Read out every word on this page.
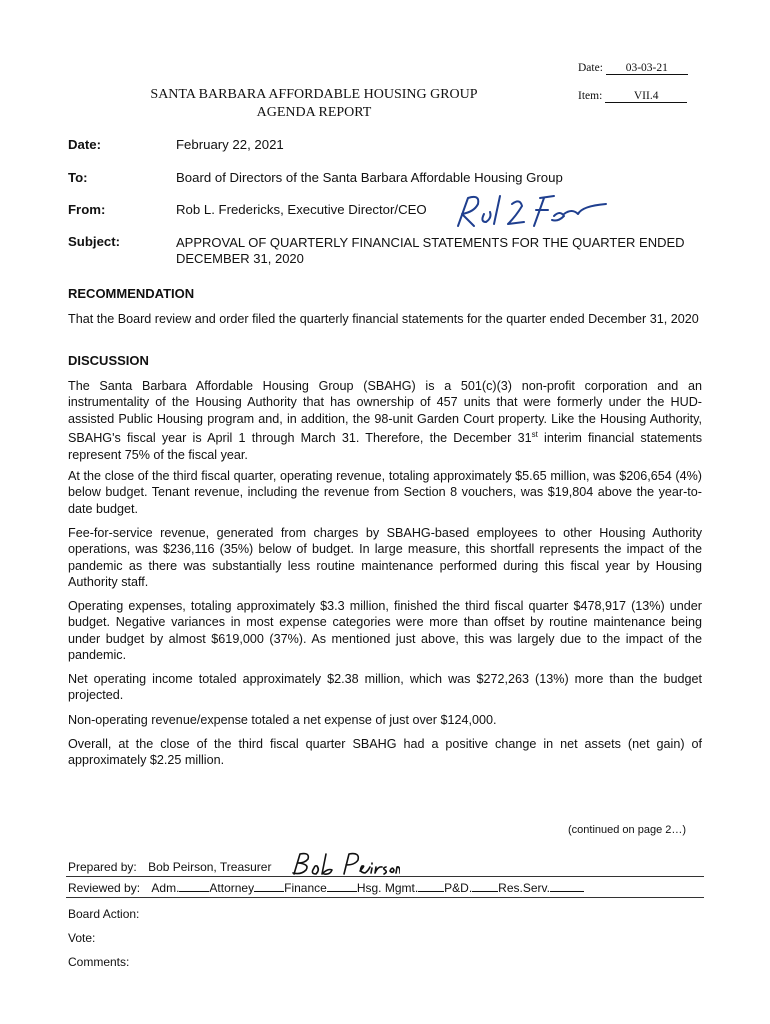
Date: 03-03-21
Item:	VII.4
SANTA BARBARA AFFORDABLE HOUSING GROUP
AGENDA REPORT
Date:	February 22, 2021
To:	Board of Directors of the Santa Barbara Affordable Housing Group
From:	Rob L. Fredericks, Executive Director/CEO
Subject:	APPROVAL OF QUARTERLY FINANCIAL STATEMENTS FOR THE QUARTER ENDED DECEMBER 31, 2020
RECOMMENDATION
That the Board review and order filed the quarterly financial statements for the quarter ended December 31, 2020
DISCUSSION
The Santa Barbara Affordable Housing Group (SBAHG) is a 501(c)(3) non-profit corporation and an instrumentality of the Housing Authority that has ownership of 457 units that were formerly under the HUD-assisted Public Housing program and, in addition, the 98-unit Garden Court property. Like the Housing Authority, SBAHG's fiscal year is April 1 through March 31. Therefore, the December 31st interim financial statements represent 75% of the fiscal year.
At the close of the third fiscal quarter, operating revenue, totaling approximately $5.65 million, was $206,654 (4%) below budget. Tenant revenue, including the revenue from Section 8 vouchers, was $19,804 above the year-to-date budget.
Fee-for-service revenue, generated from charges by SBAHG-based employees to other Housing Authority operations, was $236,116 (35%) below of budget. In large measure, this shortfall represents the impact of the pandemic as there was substantially less routine maintenance performed during this fiscal year by Housing Authority staff.
Operating expenses, totaling approximately $3.3 million, finished the third fiscal quarter $478,917 (13%) under budget. Negative variances in most expense categories were more than offset by routine maintenance being under budget by almost $619,000 (37%). As mentioned just above, this was largely due to the impact of the pandemic.
Net operating income totaled approximately $2.38 million, which was $272,263 (13%) more than the budget projected.
Non-operating revenue/expense totaled a net expense of just over $124,000.
Overall, at the close of the third fiscal quarter SBAHG had a positive change in net assets (net gain) of approximately $2.25 million.
(continued on page 2…)
Prepared by: Bob Peirson, Treasurer
Reviewed by: Adm.	Attorney	Finance	Hsg. Mgmt. P&D. Res.Serv.
Board Action:
Vote:
Comments:
